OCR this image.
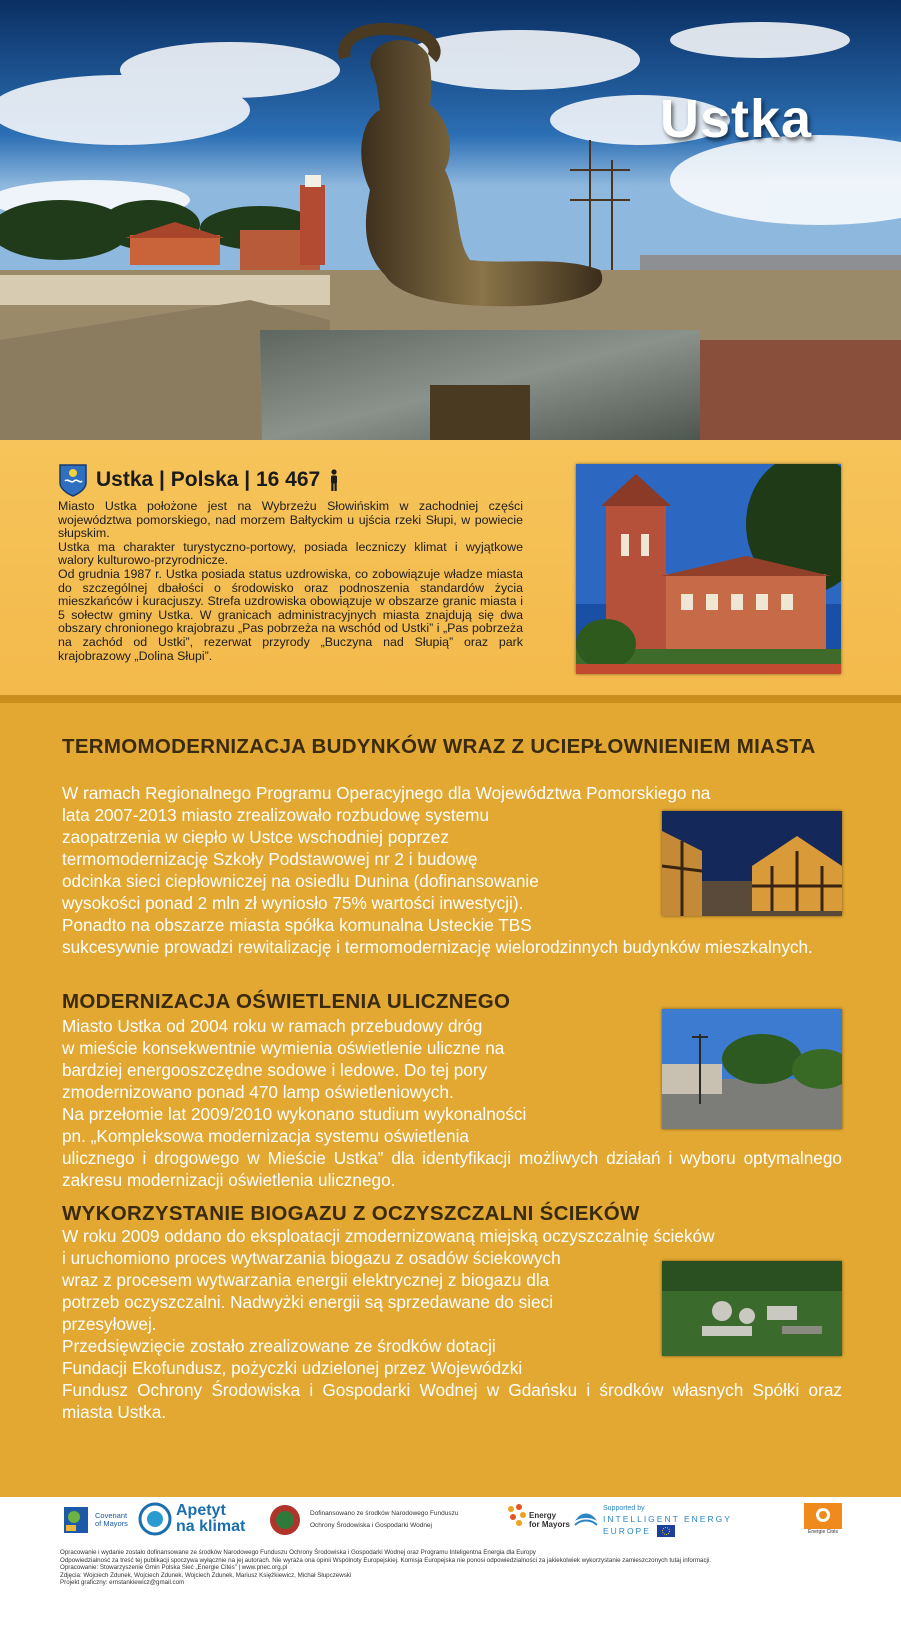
Ustka
Ustka | Polska | 16 467

Miasto Ustka położone jest na Wybrzeżu Słowińskim w zachodniej części województwa pomorskiego, nad morzem Bałtyckim u ujścia rzeki Słupi, w powiecie słupskim.

Ustka ma charakter turystyczno-portowy, posiada leczniczy klimat i wyjątkowe walory kulturowo-przyrodnicze.

Od grudnia 1987 r. Ustka posiada status uzdrowiska, co zobowiązuje władze miasta do szczególnej dbałości o środowisko oraz podnoszenia standardów życia mieszkańców i kuracjuszy. Strefa uzdrowiska obowiązuje w obszarze granic miasta i 5 sołectw gminy Ustka. W granicach administracyjnych miasta znajdują się dwa obszary chronionego krajobrazu „Pas pobrzeża na wschód od Ustki” i „Pas pobrzeża na zachód od Ustki”, rezerwat przyrody „Buczyna nad Słupią” oraz park krajobrazowy „Dolina Słupi”.

TERMOMODERNIZACJA BUDYNKÓW WRAZ Z UCIEPŁOWNIENIEM MIASTA

W ramach Regionalnego Programu Operacyjnego dla Województwa Pomorskiego na

lata 2007-2013 miasto zrealizowało rozbudowę systemu

zaopatrzenia w ciepło w Ustce wschodniej poprzez

termomodernizację Szkoły Podstawowej nr 2 i budowę

odcinka sieci ciepłowniczej na osiedlu Dunina (dofinansowanie

wysokości ponad 2 mln zł wyniosło 75% wartości inwestycji).

Ponadto na obszarze miasta spółka komunalna Usteckie TBS

sukcesywnie prowadzi rewitalizację i termomodernizację wielorodzinnych budynków mieszkalnych.

MODERNIZACJA OŚWIETLENIA ULICZNEGO

Miasto Ustka od 2004 roku w ramach przebudowy dróg

w mieście konsekwentnie wymienia oświetlenie uliczne na

bardziej energooszczędne sodowe i ledowe. Do tej pory

zmodernizowano ponad 470 lamp oświetleniowych.

Na przełomie lat 2009/2010 wykonano studium wykonalności

pn. „Kompleksowa modernizacja systemu oświetlenia

ulicznego i drogowego w Mieście Ustka” dla identyfikacji możliwych działań i wyboru optymalnego zakresu modernizacji oświetlenia ulicznego.

WYKORZYSTANIE BIOGAZU Z OCZYSZCZALNI ŚCIEKÓW

W roku 2009 oddano do eksploatacji zmodernizowaną miejską oczyszczalnię ścieków

i uruchomiono proces wytwarzania biogazu z osadów ściekowych

wraz z procesem wytwarzania energii elektrycznej z biogazu dla

potrzeb oczyszczalni. Nadwyżki energii są sprzedawane do sieci

przesyłowej.

Przedsięwzięcie zostało zrealizowane ze środków dotacji

Fundacji Ekofundusz, pożyczki udzielonej przez Wojewódzki

Fundusz Ochrony Środowiska i Gospodarki Wodnej w Gdańsku i środków własnych Spółki oraz miasta Ustka.

Covenant of Mayors
Apetyt
na klimat
Dofinansowano ze środków Narodowego Funduszu
Ochrony Środowiska i Gospodarki Wodnej
Energy
for Mayors
Supported by
INTELLIGENT ENERGY
EUROPE	Energie Cités
Opracowanie i wydanie zostało dofinansowane ze środków Narodowego Funduszu Ochrony Środowiska i Gospodarki Wodnej oraz Programu Inteligentna Energia dla Europy
Odpowiedzialność za treść tej publikacji spoczywa wyłącznie na jej autorach. Nie wyraża ona opinii Wspólnoty Europejskiej. Komisja Europejska nie ponosi odpowiedzialności za jakiekolwiek wykorzystanie zamieszczonych tutaj informacji.
Opracowanie: Stowarzyszenie Gmin Polska Sieć „Energie Cités” | www.pnec.org.pl
Zdjęcia: Wojciech Zdunek, Wojciech Zdunek, Wojciech Zdunek, Mariusz Księżkiewicz, Michał Słupczewski
Projekt graficzny: ernstankiewicz@gmail.com
